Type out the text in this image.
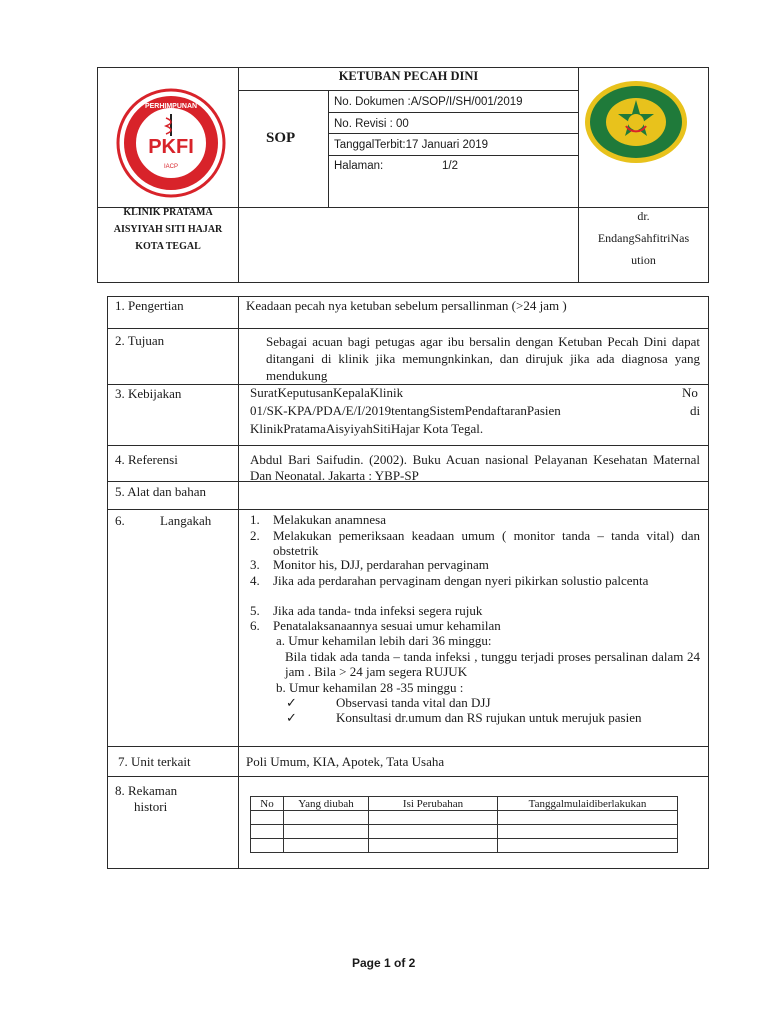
PKFI
IACP
PERHIMPUNAN
KETUBAN PECAH DINI
SOP
No. Dokumen :A/SOP/I/SH/001/2019
No. Revisi : 00
TanggalTerbit:17 Januari 2019
Halaman:	1/2
KLINIK PRATAMA
AISYIYAH SITI HAJAR
KOTA TEGAL
dr.
EndangSahfitriNas
ution
1. Pengertian	Keadaan pecah nya ketuban sebelum persallinman (>24 jam )
2. Tujuan	Sebagai acuan bagi petugas agar ibu bersalin dengan Ketuban Pecah Dini dapat ditangani di klinik jika memungnkinkan, dan dirujuk jika ada diagnosa yang mendukung
3. Kebijakan	SuratKeputusanKepalaKlinik	No
01/SK-KPA/PDA/E/I/2019tentangSistemPendaftaranPasien	di
KlinikPratamaAisyiyahSitiHajar Kota Tegal.
4. Referensi	Abdul Bari Saifudin. (2002). Buku Acuan nasional Pelayanan Kesehatan Maternal Dan Neonatal. Jakarta : YBP-SP
5. Alat dan bahan
6.	Langakah	1. Melakukan anamnesa
2. Melakukan pemeriksaan keadaan umum ( monitor tanda – tanda vital) dan obstetrik
3. Monitor his, DJJ, perdarahan pervaginam
4. Jika ada perdarahan pervaginam dengan nyeri pikirkan solustio palcenta
5. Jika ada tanda- tnda infeksi segera rujuk
6. Penatalaksanaannya sesuai umur kehamilan
a. Umur kehamilan lebih dari 36 minggu:
Bila tidak ada tanda – tanda infeksi , tunggu terjadi proses persalinan dalam 24 jam . Bila > 24 jam segera RUJUK
b. Umur kehamilan 28 -35 minggu :
✓	Observasi tanda vital dan DJJ
✓	Konsultasi dr.umum dan RS rujukan untuk merujuk pasien
7. Unit terkait	Poli Umum, KIA, Apotek, Tata Usaha
8. Rekaman
histori	No	Yang diubah	Isi Perubahan	Tanggalmulaidiberlakukan

Page 1 of 2
